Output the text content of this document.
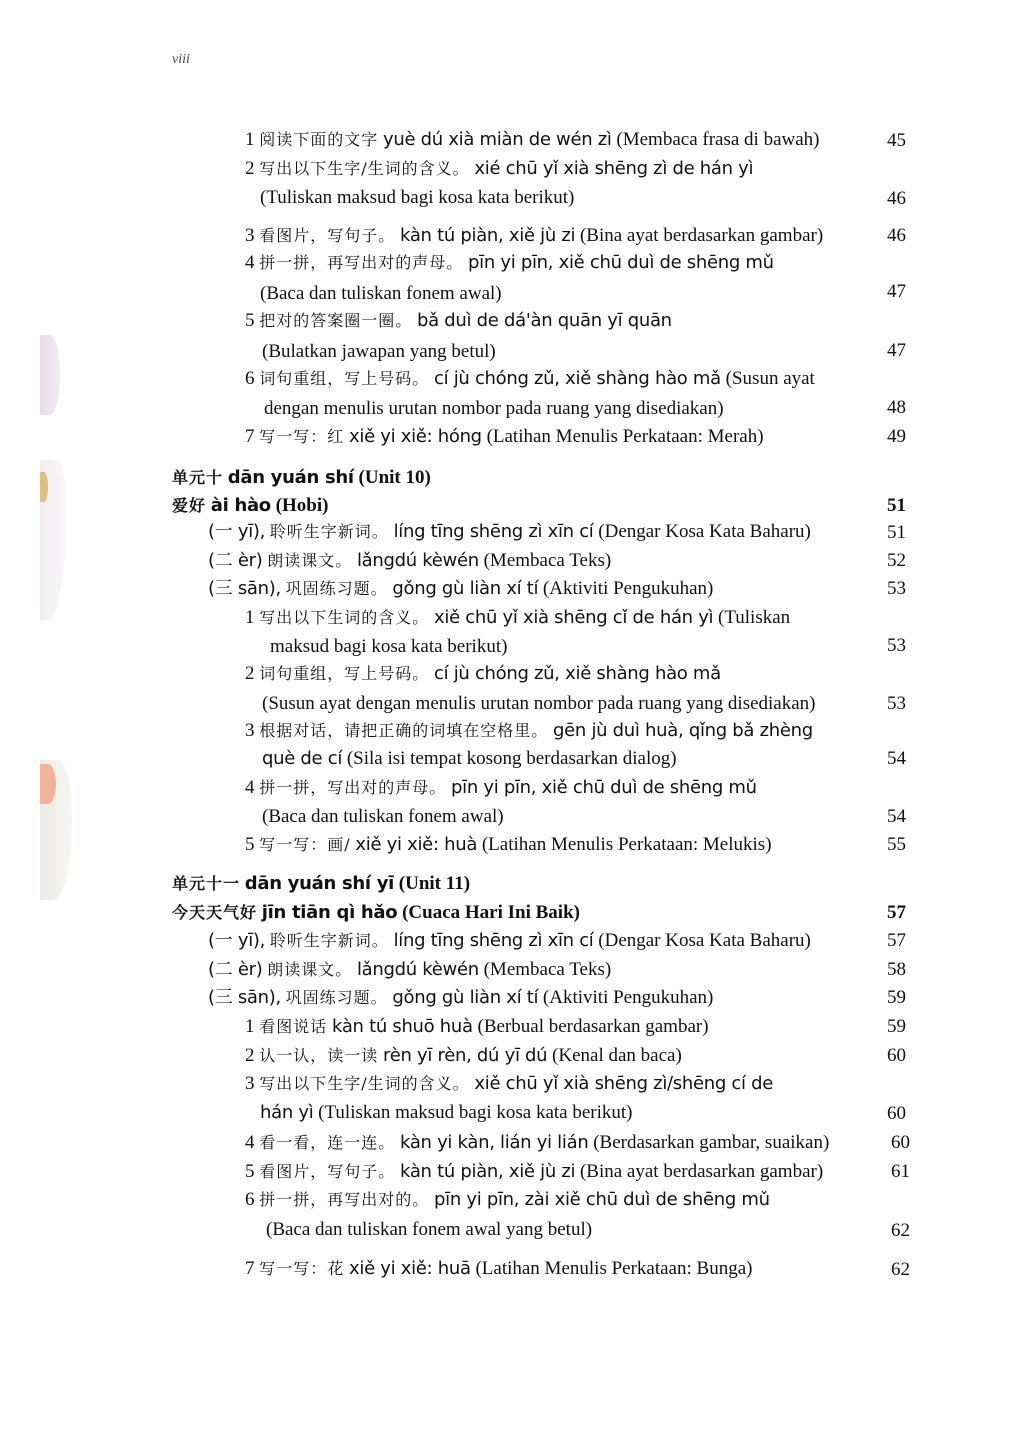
viii
1 阅读下面的文字 yuè dú xià miàn de wén zì (Membaca frasa di bawah)	45
2 写出以下生字/生词的含义。 xié chū yǐ xià shēng zì de hán yì
(Tuliskan maksud bagi kosa kata berikut)	46
3 看图片，写句子。 kàn tú piàn, xiě jù zi (Bina ayat berdasarkan gambar)	46
4 拼一拼，再写出对的声母。 pīn yi pīn, xiě chū duì de shēng mǔ
(Baca dan tuliskan fonem awal)	47
5 把对的答案圈一圈。 bǎ duì de dá'àn quān yī quān
(Bulatkan jawapan yang betul)	47
6 词句重组，写上号码。 cí jù chóng zǔ, xiě shàng hào mǎ (Susun ayat
dengan menulis urutan nombor pada ruang yang disediakan)	48
7 写一写：红 xiě yi xiě: hóng (Latihan Menulis Perkataan: Merah)	49
单元十 dān yuán shí (Unit 10)
爱好 ài hào (Hobi)	51
(一 yī), 聆听生字新词。 líng tīng shēng zì xīn cí (Dengar Kosa Kata Baharu)	51
(二 èr) 朗读课文。 lǎngdú kèwén (Membaca Teks)	52
(三 sān), 巩固练习题。 gǒng gù liàn xí tí (Aktiviti Pengukuhan)	53
1 写出以下生词的含义。 xiě chū yǐ xià shēng cǐ de hán yì (Tuliskan
maksud bagi kosa kata berikut)	53
2 词句重组，写上号码。 cí jù chóng zǔ, xiě shàng hào mǎ
(Susun ayat dengan menulis urutan nombor pada ruang yang disediakan)	53
3 根据对话，请把正确的词填在空格里。 gēn jù duì huà, qǐng bǎ zhèng
què de cí (Sila isi tempat kosong berdasarkan dialog)	54
4 拼一拼，写出对的声母。 pīn yi pīn, xiě chū duì de shēng mǔ
(Baca dan tuliskan fonem awal)	54
5 写一写：画/ xiě yi xiě: huà (Latihan Menulis Perkataan: Melukis)	55
单元十一 dān yuán shí yī (Unit 11)
今天天气好 jīn tiān qì hǎo (Cuaca Hari Ini Baik)	57
(一 yī), 聆听生字新词。 líng tīng shēng zì xīn cí (Dengar Kosa Kata Baharu)	57
(二 èr) 朗读课文。 lǎngdú kèwén (Membaca Teks)	58
(三 sān), 巩固练习题。 gǒng gù liàn xí tí (Aktiviti Pengukuhan)	59
1 看图说话 kàn tú shuō huà (Berbual berdasarkan gambar)	59
2 认一认，读一读 rèn yī rèn, dú yī dú (Kenal dan baca)	60
3 写出以下生字/生词的含义。 xiě chū yǐ xià shēng zì/shēng cí de
hán yì (Tuliskan maksud bagi kosa kata berikut)	60
4 看一看，连一连。 kàn yi kàn, lián yi lián (Berdasarkan gambar, suaikan)	60
5 看图片，写句子。 kàn tú piàn, xiě jù zi (Bina ayat berdasarkan gambar)	61
6 拼一拼，再写出对的。 pīn yi pīn, zài xiě chū duì de shēng mǔ
(Baca dan tuliskan fonem awal yang betul)	62
7 写一写：花 xiě yi xiě: huā (Latihan Menulis Perkataan: Bunga)	62
